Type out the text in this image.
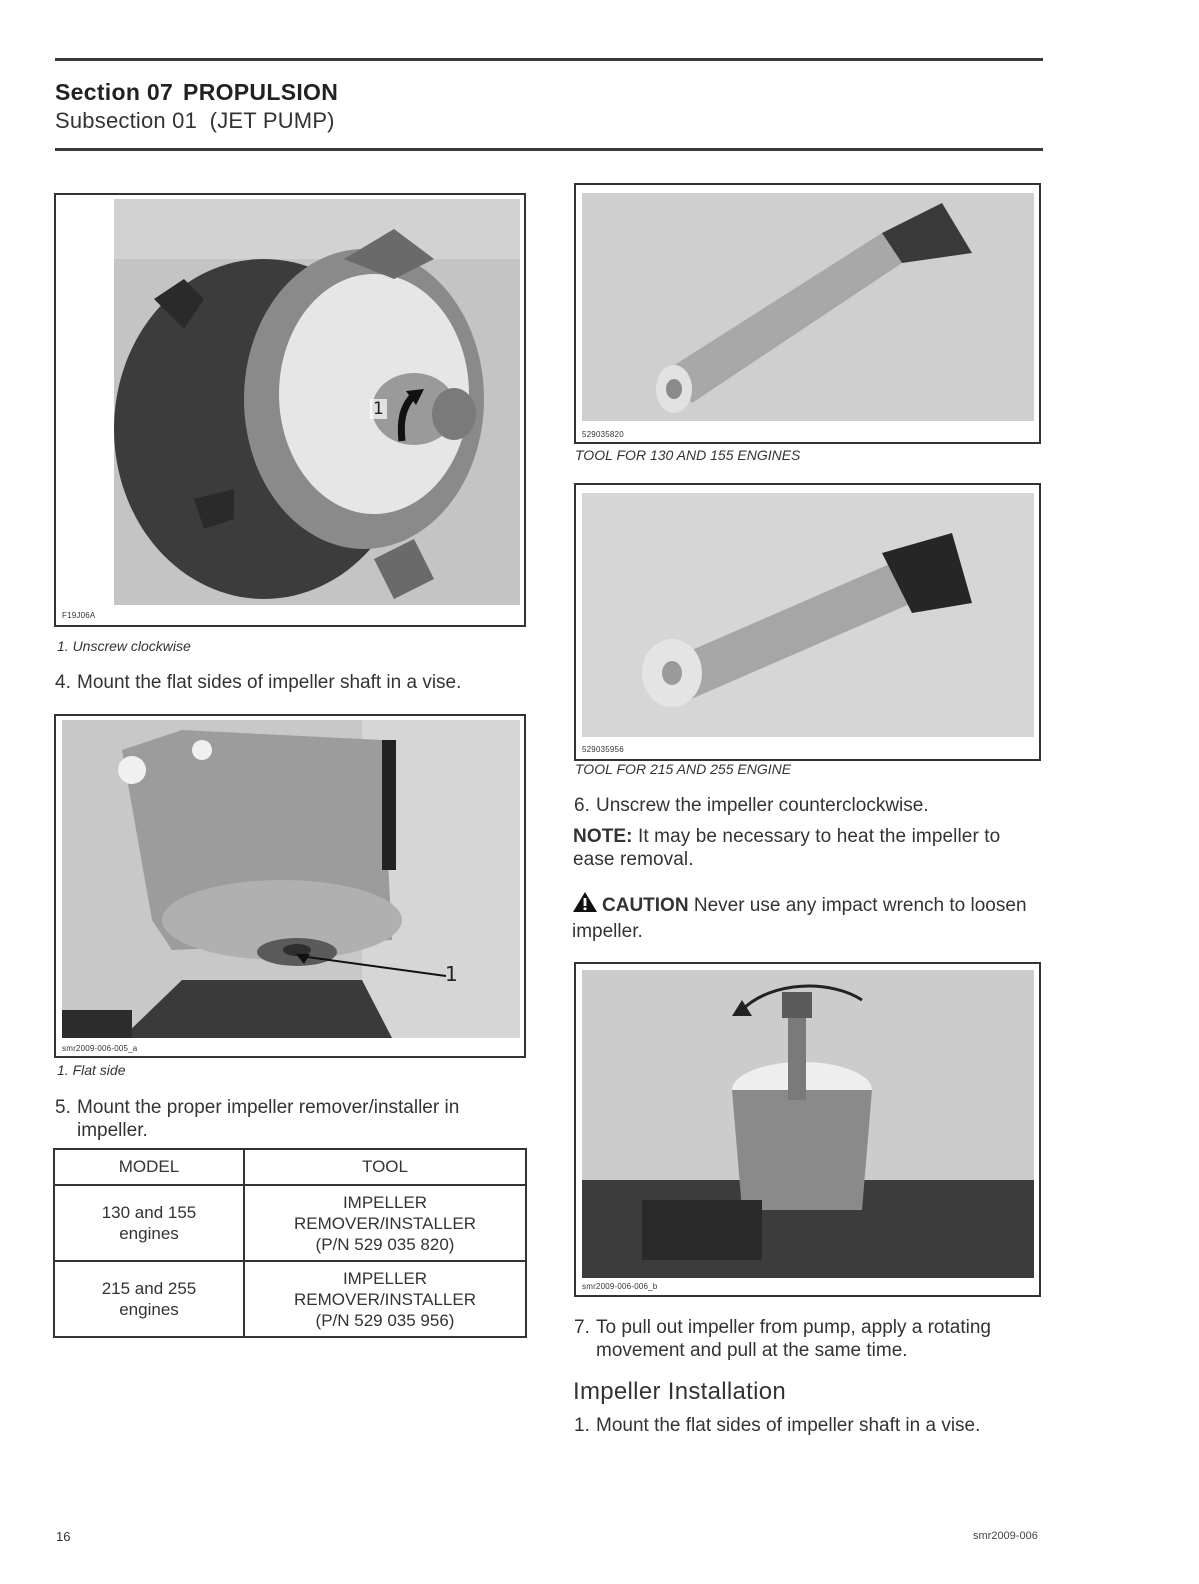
Section 07 PROPULSION
Subsection 01 (JET PUMP)
1
F19J06A
1. Unscrew clockwise
4. Mount the flat sides of impeller shaft in a vise.
1
smr2009-006-005_a
1. Flat side
5. Mount the proper impeller remover/installer in impeller.
MODEL	TOOL
130 and 155 engines	IMPELLER REMOVER/INSTALLER (P/N 529 035 820)
215 and 255 engines	IMPELLER REMOVER/INSTALLER (P/N 529 035 956)
529035820
TOOL FOR 130 AND 155 ENGINES
529035956
TOOL FOR 215 AND 255 ENGINE
6. Unscrew the impeller counterclockwise.
NOTE: It may be necessary to heat the impeller to ease removal.
CAUTION Never use any impact wrench to loosen impeller.
smr2009-006-006_b
7. To pull out impeller from pump, apply a rotating movement and pull at the same time.
Impeller Installation
1. Mount the flat sides of impeller shaft in a vise.
16	smr2009-006
